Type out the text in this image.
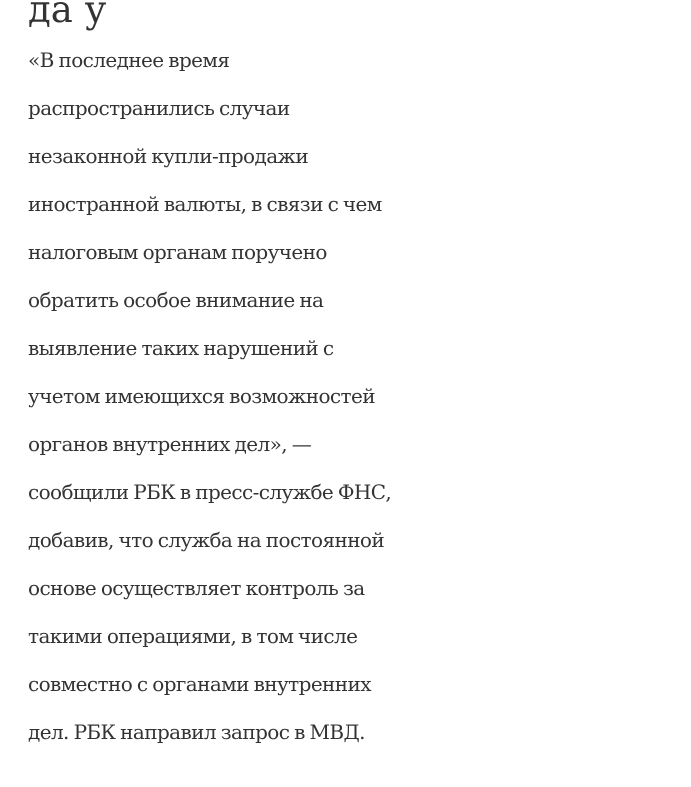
да у
«В последнее время
распространились случаи
незаконной купли-продажи
иностранной валюты, в связи с чем
налоговым органам поручено
обратить особое внимание на
выявление таких нарушений с
учетом имеющихся возможностей
органов внутренних дел», —
сообщили РБК в пресс-службе ФНС,
добавив, что служба на постоянной
основе осуществляет контроль за
такими операциями, в том числе
совместно с органами внутренних
дел. РБК направил запрос в МВД.
